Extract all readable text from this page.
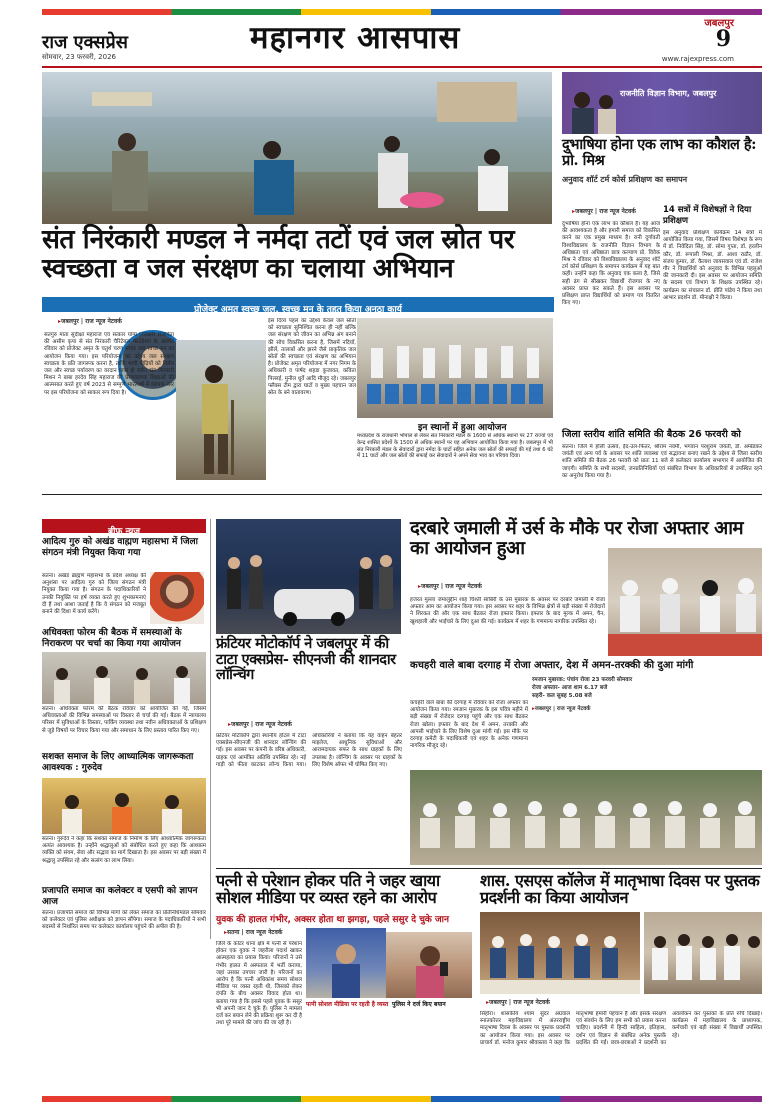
राज एक्सप्रेस
सोमवार, 23 फरवरी, 2026
महानगर आसपास	जबलपुर
9
www.rajexpress.com
संत निरंकारी मण्डल ने नर्मदा तटों एवं जल स्रोत पर स्वच्छता व जल संरक्षण का चलाया अभियान
प्रोजेक्ट अमृत स्वच्छ जल, स्वच्छ मन के तहत किया अनूठा कार्य
▸ जबलपुर | राज न्यूज नेटवर्क
सतगुरु माता सुदीक्षा महाराज एवं सत्कार योग्य निरंकारी राजपिता की असीम कृपा से संत निरंकारी चैरिटेबल फाउंडेशन के अंतर्गत रविवार को प्रोजेक्ट अमृत के चतुर्थ चरण स्वच्छ जल स्वच्छ मन का आयोजन किया गया। इस परियोजना का उद्देश्य जल संरक्षण स्वच्छता के प्रति जागरूक करना है, ताकि भावी पीढ़ियों को निर्मल जल और स्वच्छ पर्यावरण का वरदान प्राप्त हो सके। संत निरंकारी मिशन ने बाबा हरदेव सिंह महाराज की प्रेरणादायक शिक्षाओं की आत्मसात करते हुए वर्ष 2023 से सम्पूर्ण भारतवर्ष में व्यापक स्तर पर इस परियोजना को साकार रूप दिया है।
इस दिव्य पहल का उद्देश्य केवल जल स्रोतों को स्वच्छता सुनिश्चित करना ही नहीं बल्कि जल संरक्षण को जीवन का अभिन्न अंग बनाने की सोच विकसित करना है, जिसमें नदियाँ, झीलें, तालाबों और झरने जैसे प्राकृतिक जल स्रोतों की स्वच्छता एवं संरक्षण का अभियान है। प्रोजेक्ट अमृत परियोजना में नगर निगम के अधिकारी व पार्षद शहडा कुजावत, कविता पिल्लई, मुनील धुर्वे आदि मौजूद रहे। जबलपुर फ्लैक्स टीम द्वारा घाटों व मुख्य पहचान जल स्रोत के बने वातावरण।
इन स्थानों में हुआ आयोजन
मध्यप्रदेश के राजधानी भोपाल से लेकर संत निरंकारी मंडल के 1600 से अधिक स्थानों पर 27 राज्यों एवं केन्द्र शासित प्रदेशों के 1500 से अधिक स्थानों पर यह अभियान आयोजित किया गया है। जबलपुर में भी संत निरंकारी मंडल के सेवादारों द्वारा नर्मदा के घाटों सहित अनेक जल स्रोतों की सफाई की गई तथा 6 घंटे में 11 घाटों और जल स्रोतों की सफाई कर सेवादारों ने अपने सेवा भाव का परिचय दिया।
राजनीति विज्ञान विभाग, जबलपुर
दुभाषिया होना एक लाभ का कौशल है: प्रो. मिश्र
अनुवाद शॉर्ट टर्म कोर्स प्रशिक्षण का समापन
▸ जबलपुर | राज न्यूज नेटवर्क
दुभाषिया होना एक लाभ का कौशल है। यह आज की आवश्यकता है और हमारी समाज को विकसित करने का एक प्रमुख माध्यम है। रानी दुर्गावती विश्वविद्यालय के राजनीति विज्ञान विभाग के अधिष्ठाता एवं अधिष्ठाता छात्र कल्याण प्रो. विवेक मिश्र ने रविवार को विश्वविद्यालय के अनुवाद शॉर्ट टर्म कोर्स प्रशिक्षण के समापन कार्यक्रम में यह बात कही। उन्होंने कहा कि अनुवाद एक कला है, जिसे सही ढंग से सीखकर विद्यार्थी रोजगार के नए अवसर प्राप्त कर सकते हैं। इस अवसर पर प्रशिक्षण प्राप्त विद्यार्थियों को प्रमाण पत्र वितरित किए गए।
14 सत्रों में विशेषज्ञों ने दिया प्रशिक्षण
इस अनुवाद प्रशिक्षण कार्यक्रम 14 सत्रों में आयोजित किया गया, जिसमें विषय विशेषज्ञ के रूप में डॉ. निवेदिता सिंह, डॉ. सोमा गुप्ता, डॉ. हरलीन कौर, डॉ. रूपाली मिश्रा, डॉ. आशा राठौर, डॉ. संजय कुमार, डॉ. कैलाश जायसवाल एवं डॉ. राजेश गौर ने विद्यार्थियों को अनुवाद के विभिन्न पहलुओं की जानकारी दी। इस अवसर पर आयोजन समिति के सदस्य एवं विभाग के शिक्षक उपस्थित रहे। कार्यक्रम का संचालन डॉ. प्रीति पांडेय ने किया तथा आभार प्रदर्शन डॉ. मीनाक्षी ने किया।
जिला स्तरीय शांति समिति की बैठक 26 फरवरी को
सतना। जिले में होली उत्सव, ईद-उल-फितर, श्रीराम नवमी, भगवान परशुराम जयंती, डॉ. अम्बेडकर जयंती एवं अन्य पर्व के अवसर पर शांति व्यवस्था एवं सद्भावना बनाए रखने के उद्देश्य से जिला स्तरीय शांति समिति की बैठक 26 फरवरी को प्रातः 11 बजे से कलेक्टर कार्यालय सभागार में आयोजित की जाएगी। समिति के सभी सदस्यों, जनप्रतिनिधियों एवं संबंधित विभाग के अधिकारियों से उपस्थित रहने का अनुरोध किया गया है।
ब्रीफ न्यूज
आदित्य गुरु को अखंड वाह्मण महासभा में जिला संगठन मंत्री नियुक्त किया गया
सतना। अखंड ब्राह्मण महासभा के प्रदेश अध्यक्ष की अनुशंसा पर आदित्य गुरु को जिला संगठन मंत्री नियुक्त किया गया है। संगठन के पदाधिकारियों ने उनकी नियुक्ति पर हर्ष व्यक्त करते हुए शुभकामनाएं दी हैं तथा आशा जताई है कि वे संगठन को मजबूत बनाने की दिशा में कार्य करेंगे।
अधिवक्ता फोरम की बैठक में समस्याओं के निराकरण पर चर्चा का किया गया आयोजन
सतना। अधिवक्ता फोरम की बैठक रविवार को आयोजित की गई, जिसमें अधिवक्ताओं की विभिन्न समस्याओं पर विस्तार से चर्चा की गई। बैठक में न्यायालय परिसर में सुविधाओं के विस्तार, पार्किंग व्यवस्था तथा नवीन अधिवक्ताओं के प्रशिक्षण से जुड़े विषयों पर विचार किया गया और समाधान के लिए प्रस्ताव पारित किए गए।
सशक्त समाज के लिए आध्यात्मिक जागरूकता आवश्यक : गुरुदेव
सतना। गुरुदेव ने कहा कि सशक्त समाज के निर्माण के लिए आध्यात्मिक जागरूकता अत्यंत आवश्यक है। उन्होंने श्रद्धालुओं को संबोधित करते हुए कहा कि आध्यात्म व्यक्ति को संयम, सेवा और सद्भाव का मार्ग दिखाता है। इस अवसर पर बड़ी संख्या में श्रद्धालु उपस्थित रहे और सत्संग का लाभ लिया।
प्रजापति समाज का कलेक्टर व एसपी को ज्ञापन आज
सतना। प्रजापति समाज की विभिन्न मांगों को लेकर समाज का प्रतिनिधिमंडल सोमवार को कलेक्टर एवं पुलिस अधीक्षक को ज्ञापन सौंपेगा। समाज के पदाधिकारियों ने सभी सदस्यों से निर्धारित समय पर कलेक्टर कार्यालय पहुंचने की अपील की है।
फ्रंटियर मोटोकॉर्प ने जबलपुर में की टाटा एक्सप्रेस- सीएनजी की शानदार लॉन्चिंग
▸ जबलपुर | राज न्यूज नेटवर्क
फ्रंटियर मोटोकॉर्प द्वारा स्थानीय होटल में टाटा एक्सप्रेस-सीएनजी की शानदार लॉन्चिंग की गई। इस अवसर पर कंपनी के वरिष्ठ अधिकारी, ग्राहक एवं आमंत्रित अतिथि उपस्थित रहे। नई गाड़ी को फीता काटकर लॉन्च किया गया। अधिकारियों ने बताया कि यह वाहन बेहतर माइलेज, आधुनिक सुविधाओं और आरामदायक सफर के साथ ग्राहकों के लिए उपलब्ध है। लॉन्चिंग के अवसर पर ग्राहकों के लिए विशेष ऑफर भी घोषित किए गए।
दरबारे जमाली में उर्स के मौके पर रोजा अफ्तार आम का आयोजन हुआ
▸ जबलपुर | राज न्यूज नेटवर्क
हजरत मुल्ला जमालुद्दीन शाह चिश्ती साबिरी के उर्स मुबारक के अवसर पर दरबारे जमाली में रोजा अफ्तार आम का आयोजन किया गया। इस अवसर पर शहर के विभिन्न क्षेत्रों से बड़ी संख्या में रोजेदारों ने शिरकत की और एक साथ बैठकर रोजा इफ्तार किया। इफ्तार के बाद मुल्क में अमन, चैन, खुशहाली और भाईचारे के लिए दुआ की गई। कार्यक्रम में शहर के गणमान्य नागरिक उपस्थित रहे।
कचहरी वाले बाबा दरगाह में रोजा अफ्तार, देश में अमन-तरक्की की दुआ मांगी
कचहरी वाले बाबा की दरगाह में रविवार को रोजा अफ्तार का आयोजन किया गया। रमजान मुबारक के इस पवित्र महीने में बड़ी संख्या में रोजेदार दरगाह पहुंचे और एक साथ बैठकर रोजा खोला। इफ्तार के बाद देश में अमन, तरक्की और आपसी भाईचारे के लिए विशेष दुआ मांगी गई। इस मौके पर दरगाह कमेटी के पदाधिकारी एवं शहर के अनेक गणमान्य नागरिक मौजूद रहे।
रमजान मुबारक: पंचांग रोजा 23 फरवरी सोमवार
रोजा अफ्तार- आज शाम 6.17 बजे
सहरी- कल सुबह 5.08 बजे
▸ जबलपुर | राज न्यूज नेटवर्क
पत्नी से परेशान होकर पति ने जहर खाया सोशल मीडिया पर व्यस्त रहने का आरोप
युवक की हालत गंभीर, अक्सर होता था झगड़ा, पहले ससुर दे चुके जान
▸ सतना | राज न्यूज नेटवर्क
जिले के कोटर थाना क्षेत्र में पत्नी से परेशान होकर एक युवक ने जहरीला पदार्थ खाकर आत्महत्या का प्रयास किया। परिजनों ने उसे गंभीर हालत में अस्पताल में भर्ती कराया, जहां उसका उपचार जारी है। परिजनों का आरोप है कि पत्नी अधिकांश समय सोशल मीडिया पर व्यस्त रहती थी, जिसको लेकर दंपति के बीच अक्सर विवाद होता था। बताया गया है कि इससे पहले युवक के ससुर भी अपनी जान दे चुके हैं। पुलिस ने मामला दर्ज कर बयान लेने की प्रक्रिया शुरू कर दी है तथा पूरे मामले की जांच की जा रही है।
पत्नी सोशल मीडिया पर रहती है व्यस्त पुलिस ने दर्ज किए बयान
शास. एसएस कॉलेज में मातृभाषा दिवस पर पुस्तक प्रदर्शनी का किया आयोजन
▸ जबलपुर | राज न्यूज नेटवर्क
सिहोरा। शासकीय श्याम सुंदर अग्रवाल स्नातकोत्तर महाविद्यालय में अंतरराष्ट्रीय मातृभाषा दिवस के अवसर पर पुस्तक प्रदर्शनी का आयोजन किया गया। इस अवसर पर प्राचार्य डॉ. मनोज कुमार श्रीवास्तव ने कहा कि मातृभाषा हमारी पहचान है और इसके संरक्षण एवं संवर्धन के लिए हम सभी को प्रयास करना चाहिए। प्रदर्शनी में हिन्दी साहित्य, इतिहास, दर्शन एवं विज्ञान से संबंधित अनेक पुस्तकें प्रदर्शित की गईं। छात्र-छात्राओं ने प्रदर्शनी का अवलोकन कर पुस्तकों के प्रति रुचि दिखाई। कार्यक्रम में महाविद्यालय के प्राध्यापक, कर्मचारी एवं बड़ी संख्या में विद्यार्थी उपस्थित रहे।
